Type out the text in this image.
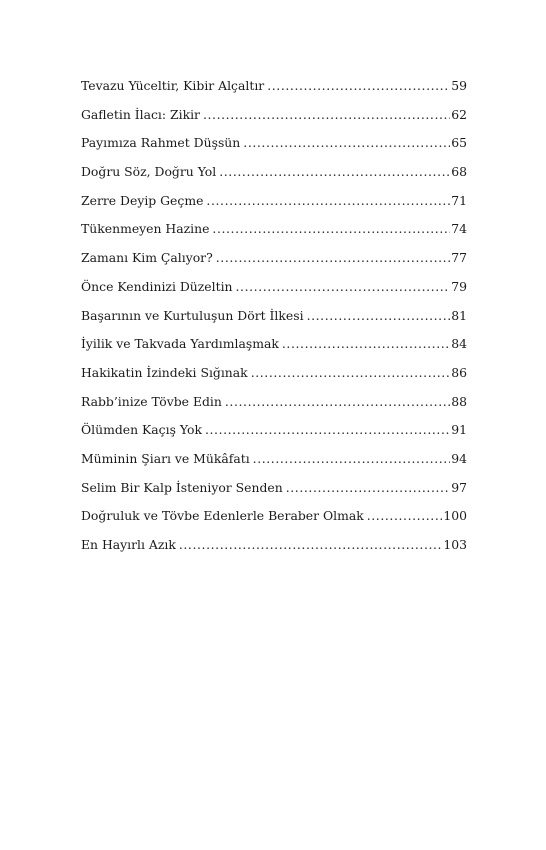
Tevazu Yüceltir, Kibir Alçaltır .....	59
Gafletin İlacı: Zikir .....	62
Payımıza Rahmet Düşsün .....	65
Doğru Söz, Doğru Yol .....	68
Zerre Deyip Geçme .....	71
Tükenmeyen Hazine .....	74
Zamanı Kim Çalıyor? .....	77
Önce Kendinizi Düzeltin .....	79
Başarının ve Kurtuluşun Dört İlkesi .....	81
İyilik ve Takvada Yardımlaşmak .....	84
Hakikatin İzindeki Sığınak .....	86
Rabb’inize Tövbe Edin .....	88
Ölümden Kaçış Yok .....	91
Müminin Şiarı ve Mükâfatı .....	94
Selim Bir Kalp İsteniyor Senden .....	97
Doğruluk ve Tövbe Edenlerle Beraber Olmak .....	100
En Hayırlı Azık .....	103
